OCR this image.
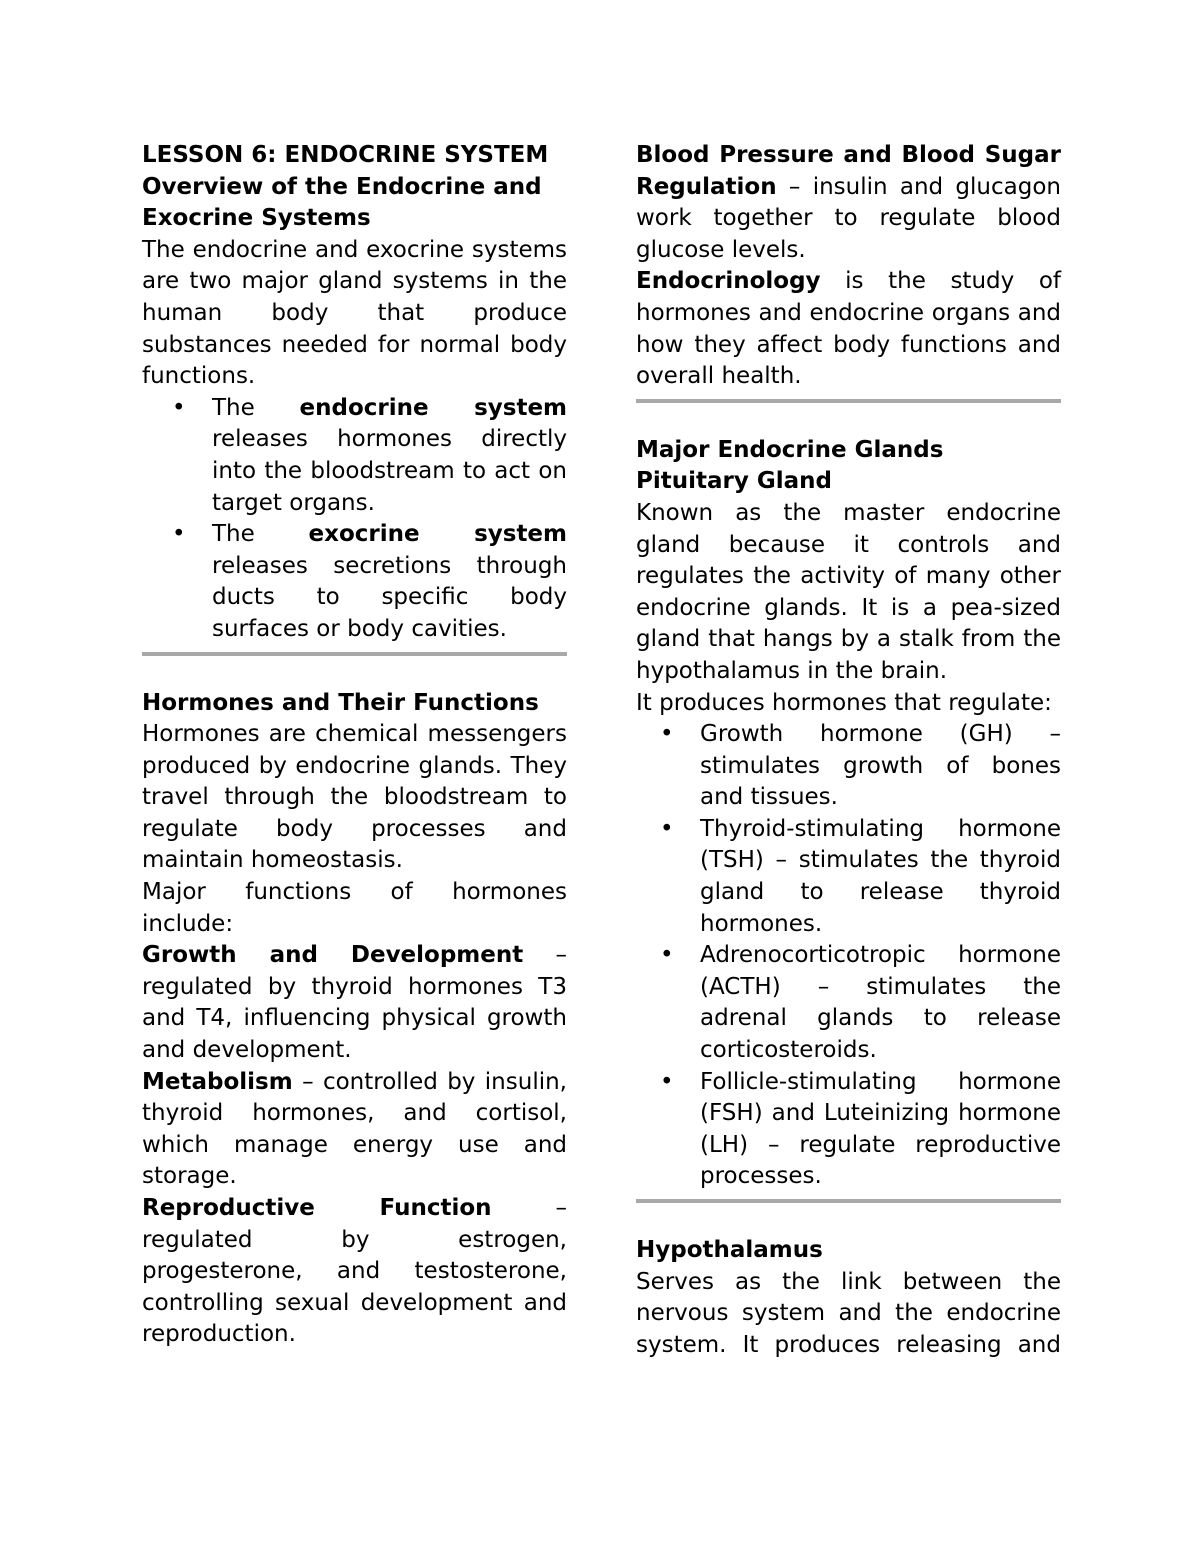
LESSON 6: ENDOCRINE SYSTEM
Overview of the Endocrine and Exocrine Systems

The endocrine and exocrine systems are two major gland systems in the human body that produce substances needed for normal body functions.

• The endocrine system releases hormones directly into the bloodstream to act on target organs.
• The exocrine system releases secretions through ducts to specific body surfaces or body cavities.
Hormones and Their Functions

Hormones are chemical messengers produced by endocrine glands. They travel through the bloodstream to regulate body processes and maintain homeostasis.

Major functions of hormones include:

Growth and Development – regulated by thyroid hormones T3 and T4, influencing physical growth and development.

Metabolism – controlled by insulin, thyroid hormones, and cortisol, which manage energy use and storage.

Reproductive Function – regulated by estrogen, progesterone, and testosterone, controlling sexual development and reproduction.

Blood Pressure and Blood Sugar Regulation – insulin and glucagon work together to regulate blood glucose levels.

Endocrinology is the study of hormones and endocrine organs and how they affect body functions and overall health.

Major Endocrine Glands
Pituitary Gland

Known as the master endocrine gland because it controls and regulates the activity of many other endocrine glands. It is a pea-sized gland that hangs by a stalk from the hypothalamus in the brain.

It produces hormones that regulate:

• Growth hormone (GH) – stimulates growth of bones and tissues.
• Thyroid-stimulating hormone (TSH) – stimulates the thyroid gland to release thyroid hormones.
• Adrenocorticotropic hormone (ACTH) – stimulates the adrenal glands to release corticosteroids.
• Follicle-stimulating hormone (FSH) and Luteinizing hormone (LH) – regulate reproductive processes.
Hypothalamus

Serves as the link between the nervous system and the endocrine system. It produces releasing and
